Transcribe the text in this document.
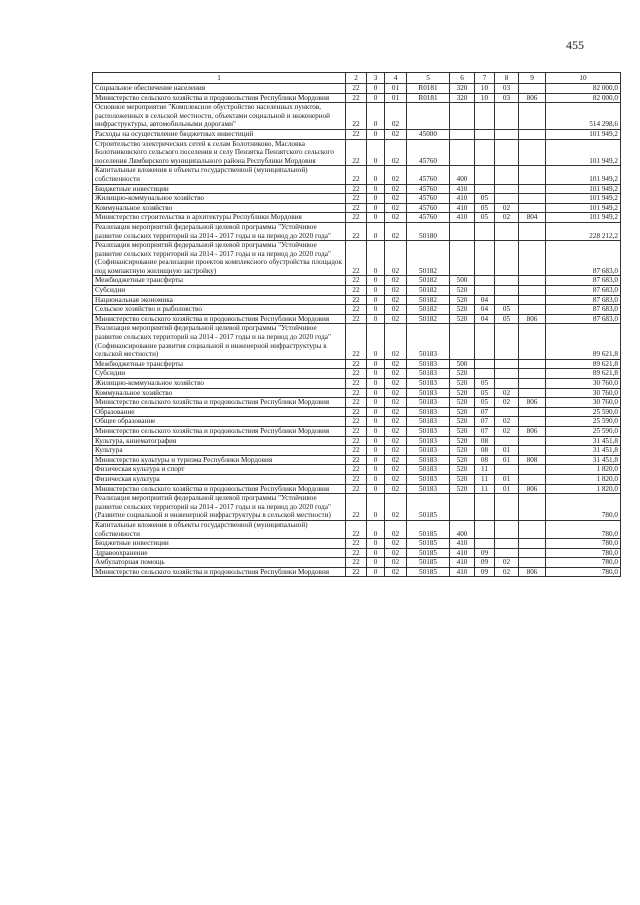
455
1	2	3	4	5	6	7	8	9	10
Социальное обеспечение населения	22	0	01	R0181	320	10	03		82 000,0
Министерство сельского хозяйства и продовольствия Республики Мордовия	22	0	01	R0181	320	10	03	806	82 000,0
Основное мероприятие "Комплексное обустройство населенных пунктов, расположенных в сельской местности, объектами социальной и инженерной инфраструктуры, автомобильными дорогами"	22	0	02						514 298,6
Расходы на осуществление бюджетных инвестиций	22	0	02	45000					101 949,2
Строительство электрических сетей к селам Болотниково, Масловка Болотниковского сельского поселения и селу Пензятка Пензятского сельского поселения Лямбирского муниципального района Республики Мордовия	22	0	02	45760					101 949,2
Капитальные вложения в объекты государственной (муниципальной) собственности	22	0	02	45760	400				101 949,2
Бюджетные инвестиции	22	0	02	45760	410				101 949,2
Жилищно-коммунальное хозяйство	22	0	02	45760	410	05			101 949,2
Коммунальное хозяйство	22	0	02	45760	410	05	02		101 949,2
Министерство строительства и архитектуры Республики Мордовия	22	0	02	45760	410	05	02	804	101 949,2
Реализация мероприятий федеральной целевой программы "Устойчивое развитие сельских территорий на 2014 - 2017 годы и на период до 2020 года"	22	0	02	50180					228 212,2
Реализация мероприятий федеральной целевой программы "Устойчивое развитие сельских территорий на 2014 - 2017 годы и на период до 2020 года" (Софинансирование реализации проектов комплексного обустройства площадок под компактную жилищную застройку)	22	0	02	50182					87 683,0
Межбюджетные трансферты	22	0	02	50182	500				87 683,0
Субсидии	22	0	02	50182	520				87 683,0
Национальная экономика	22	0	02	50182	520	04			87 683,0
Сельское хозяйство и рыболовство	22	0	02	50182	520	04	05		87 683,0
Министерство сельского хозяйства и продовольствия Республики Мордовия	22	0	02	50182	520	04	05	806	87 683,0
Реализация мероприятий федеральной целевой программы "Устойчивое развитие сельских территорий на 2014 - 2017 годы и на период до 2020 года" (Софинансирование развития социальной и инженерной инфраструктуры в сельской местности)	22	0	02	50183					89 621,8
Межбюджетные трансферты	22	0	02	50183	500				89 621,8
Субсидии	22	0	02	50183	520				89 621,8
Жилищно-коммунальное хозяйство	22	0	02	50183	520	05			30 760,0
Коммунальное хозяйство	22	0	02	50183	520	05	02		30 760,0
Министерство сельского хозяйства и продовольствия Республики Мордовия	22	0	02	50183	520	05	02	806	30 760,0
Образование	22	0	02	50183	520	07			25 590,0
Общее образование	22	0	02	50183	520	07	02		25 590,0
Министерство сельского хозяйства и продовольствия Республики Мордовия	22	0	02	50183	520	07	02	806	25 590,0
Культура, кинематография	22	0	02	50183	520	08			31 451,8
Культура	22	0	02	50183	520	08	01		31 451,8
Министерство культуры и туризма Республики Мордовия	22	0	02	50183	520	08	01	808	31 451,8
Физическая культура и спорт	22	0	02	50183	520	11			1 820,0
Физическая культура	22	0	02	50183	520	11	01		1 820,0
Министерство сельского хозяйства и продовольствия Республики Мордовия	22	0	02	50183	520	11	01	806	1 820,0
Реализация мероприятий федеральной целевой программы "Устойчивое развитие сельских территорий на 2014 - 2017 годы и на период до 2020 года" (Развитие социальной и инженерной инфраструктуры в сельской местности)	22	0	02	50185					780,0
Капитальные вложения в объекты государственной (муниципальной) собственности	22	0	02	50185	400				780,0
Бюджетные инвестиции	22	0	02	50185	410				780,0
Здравоохранение	22	0	02	50185	410	09			780,0
Амбулаторная помощь	22	0	02	50185	410	09	02		780,0
Министерство сельского хозяйства и продовольствия Республики Мордовия	22	0	02	50185	410	09	02	806	780,0
